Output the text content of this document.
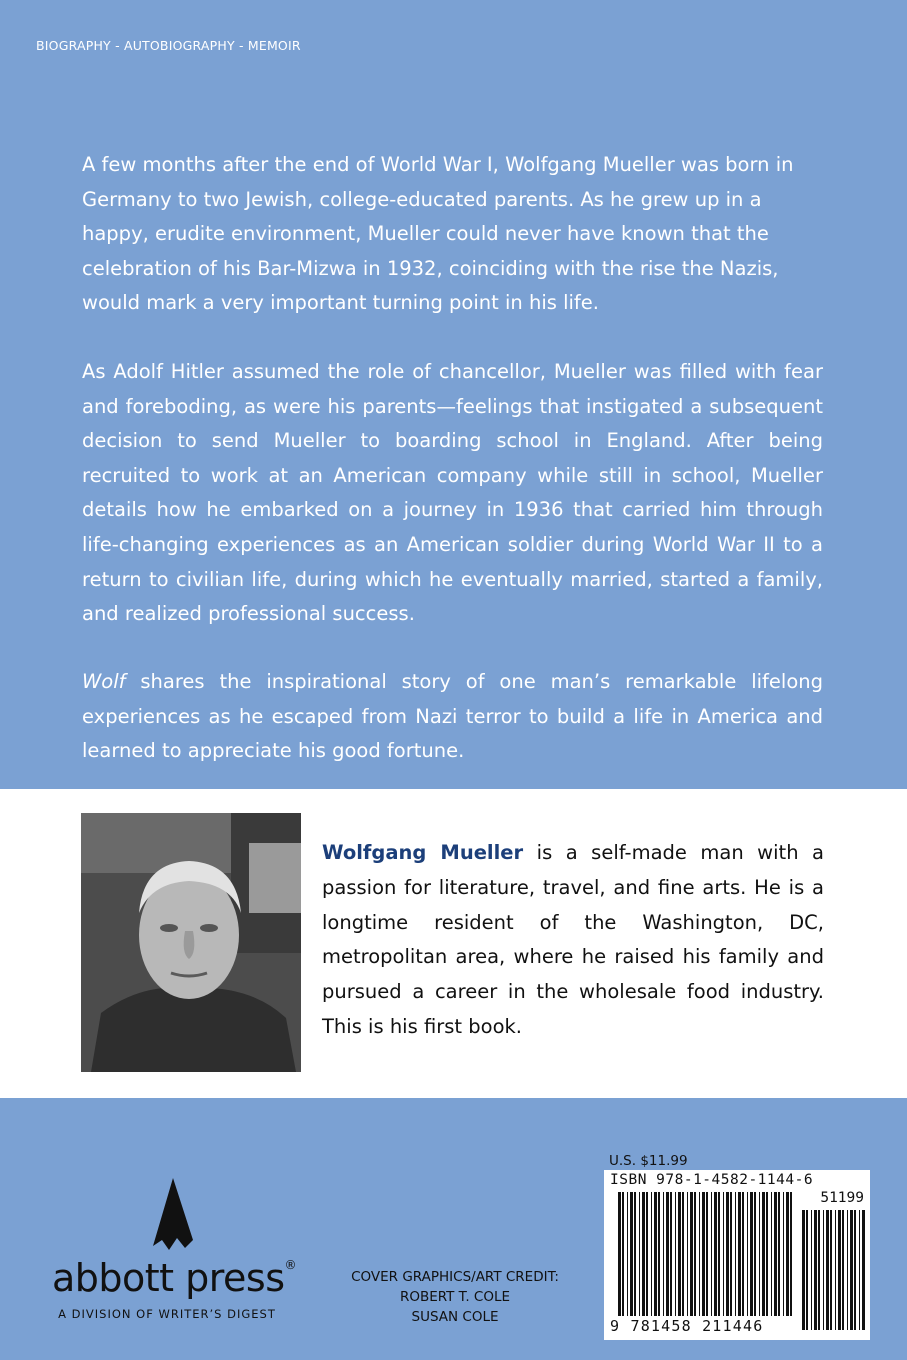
BIOGRAPHY - AUTOBIOGRAPHY - MEMOIR

A few months after the end of World War I, Wolfgang Mueller was born in Germany to two Jewish, college-educated parents. As he grew up in a happy, erudite environment, Mueller could never have known that the celebration of his Bar-Mizwa in 1932, coinciding with the rise the Nazis, would mark a very important turning point in his life.

As Adolf Hitler assumed the role of chancellor, Mueller was filled with fear and foreboding, as were his parents—feelings that instigated a subsequent decision to send Mueller to boarding school in England. After being recruited to work at an American company while still in school, Mueller details how he embarked on a journey in 1936 that carried him through life-changing experiences as an American soldier during World War II to a return to civilian life, during which he eventually married, started a family, and realized professional success.

Wolf shares the inspirational story of one man’s remarkable lifelong experiences as he escaped from Nazi terror to build a life in America and learned to appreciate his good fortune.

Wolfgang Mueller is a self-made man with a passion for literature, travel, and fine arts. He is a longtime resident of the Washington, DC, metropolitan area, where he raised his family and pursued a career in the wholesale food industry. This is his first book.

abbott press®
A DIVISION OF WRITER’S DIGEST
COVER GRAPHICS/ART CREDIT:
ROBERT T. COLE
SUSAN COLE
U.S. $11.99
ISBN 978-1-4582-1144-6
51199
9 781458 211446
